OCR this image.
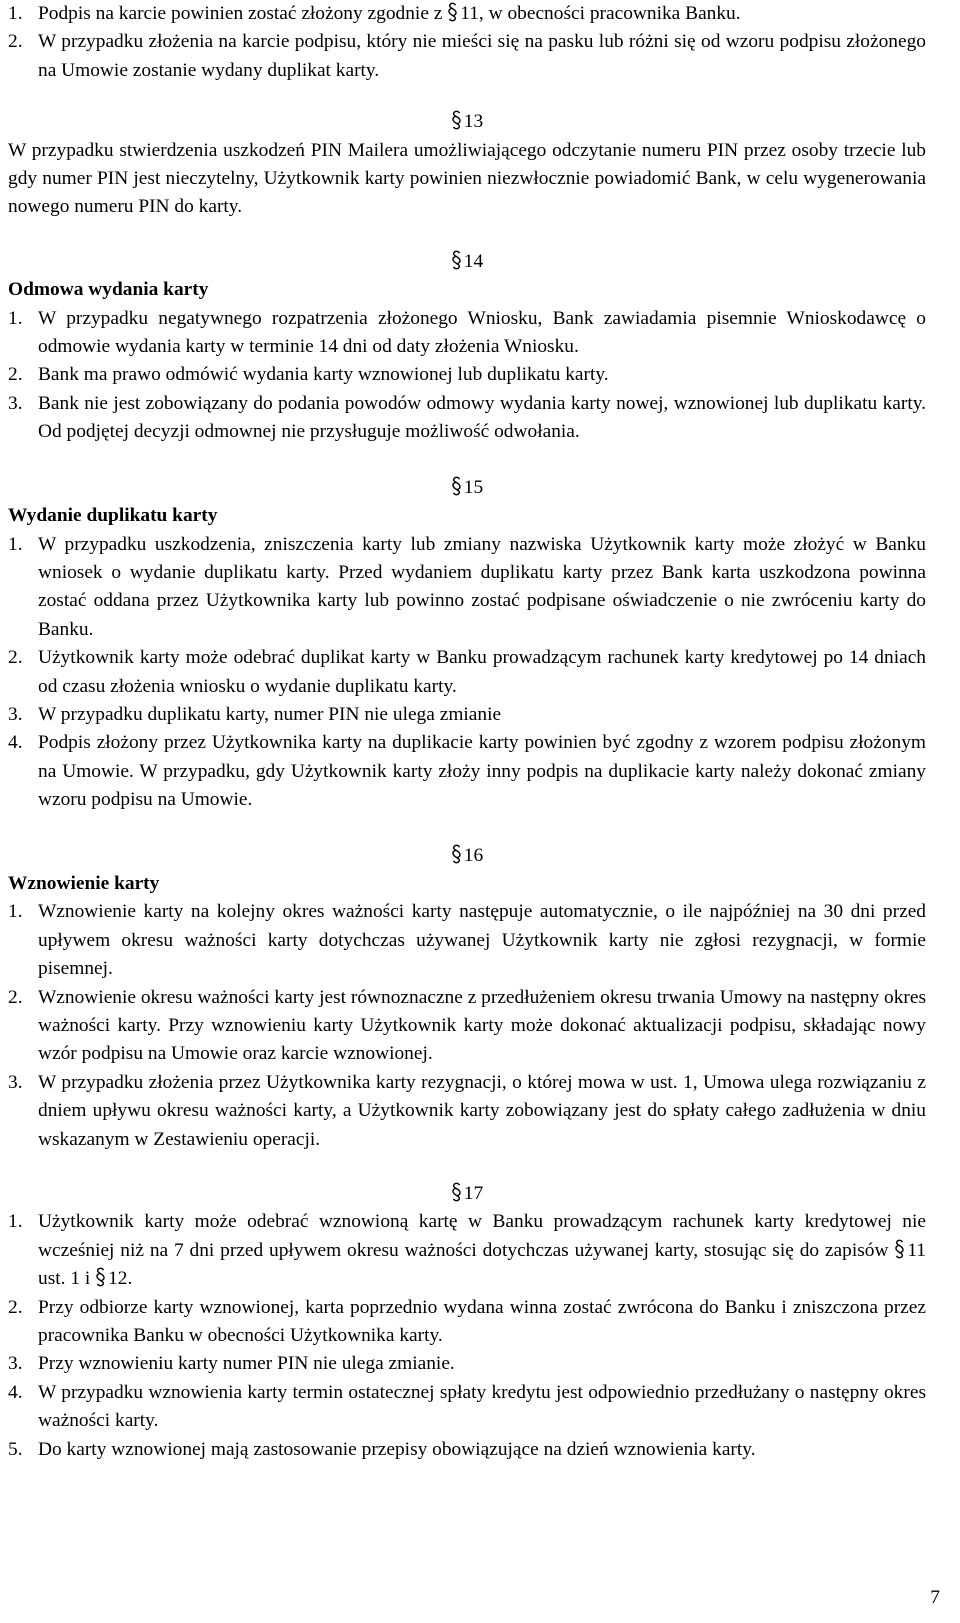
1. Podpis na karcie powinien zostać złożony zgodnie z
11, w obecności pracownika Banku.
2. W przypadku złożenia na karcie podpisu, który nie mieści się na pasku lub różni się od wzoru podpisu złożonego na Umowie zostanie wydany duplikat karty.
13

W przypadku stwierdzenia uszkodzeń PIN Mailera umożliwiającego odczytanie numeru PIN przez osoby trzecie lub gdy numer PIN jest nieczytelny, Użytkownik karty powinien niezwłocznie powiadomić Bank, w celu wygenerowania nowego numeru PIN do karty.

14
Odmowa wydania karty
1. W przypadku negatywnego rozpatrzenia złożonego Wniosku, Bank zawiadamia pisemnie Wnioskodawcę o odmowie wydania karty w terminie 14 dni od daty złożenia Wniosku.
2. Bank ma prawo odmówić wydania karty wznowionej lub duplikatu karty.
3. Bank nie jest zobowiązany do podania powodów odmowy wydania karty nowej, wznowionej lub duplikatu karty. Od podjętej decyzji odmownej nie przysługuje możliwość odwołania.
15
Wydanie duplikatu karty
1. W przypadku uszkodzenia, zniszczenia karty lub zmiany nazwiska Użytkownik karty może złożyć w Banku wniosek o wydanie duplikatu karty. Przed wydaniem duplikatu karty przez Bank karta uszkodzona powinna zostać oddana przez Użytkownika karty lub powinno zostać podpisane oświadczenie o nie zwróceniu karty do Banku.
2. Użytkownik karty może odebrać duplikat karty w Banku prowadzącym rachunek karty kredytowej po 14 dniach od czasu złożenia wniosku o wydanie duplikatu karty.
3. W przypadku duplikatu karty, numer PIN nie ulega zmianie
4. Podpis złożony przez Użytkownika karty na duplikacie karty powinien być zgodny z wzorem podpisu złożonym na Umowie. W przypadku, gdy Użytkownik karty złoży inny podpis na duplikacie karty należy dokonać zmiany wzoru podpisu na Umowie.
16
Wznowienie karty
1. Wznowienie karty na kolejny okres ważności karty następuje automatycznie, o ile najpóźniej na 30 dni przed upływem okresu ważności karty dotychczas używanej Użytkownik karty nie zgłosi rezygnacji, w formie pisemnej.
2. Wznowienie okresu ważności karty jest równoznaczne z przedłużeniem okresu trwania Umowy na następny okres ważności karty. Przy wznowieniu karty Użytkownik karty może dokonać aktualizacji podpisu, składając nowy wzór podpisu na Umowie oraz karcie wznowionej.
3. W przypadku złożenia przez Użytkownika karty rezygnacji, o której mowa w ust. 1, Umowa ulega rozwiązaniu z dniem upływu okresu ważności karty, a Użytkownik karty zobowiązany jest do spłaty całego zadłużenia w dniu wskazanym w Zestawieniu operacji.
17
1. Użytkownik karty może odebrać wznowioną kartę w Banku prowadzącym rachunek karty kredytowej nie wcześniej niż na 7 dni przed upływem okresu ważności dotychczas używanej karty, stosując się do zapisów
11 ust. 1 i
12.
2. Przy odbiorze karty wznowionej, karta poprzednio wydana winna zostać zwrócona do Banku i zniszczona przez pracownika Banku w obecności Użytkownika karty.
3. Przy wznowieniu karty numer PIN nie ulega zmianie.
4. W przypadku wznowienia karty termin ostatecznej spłaty kredytu jest odpowiednio przedłużany o następny okres ważności karty.
5. Do karty wznowionej mają zastosowanie przepisy obowiązujące na dzień wznowienia karty.
7
